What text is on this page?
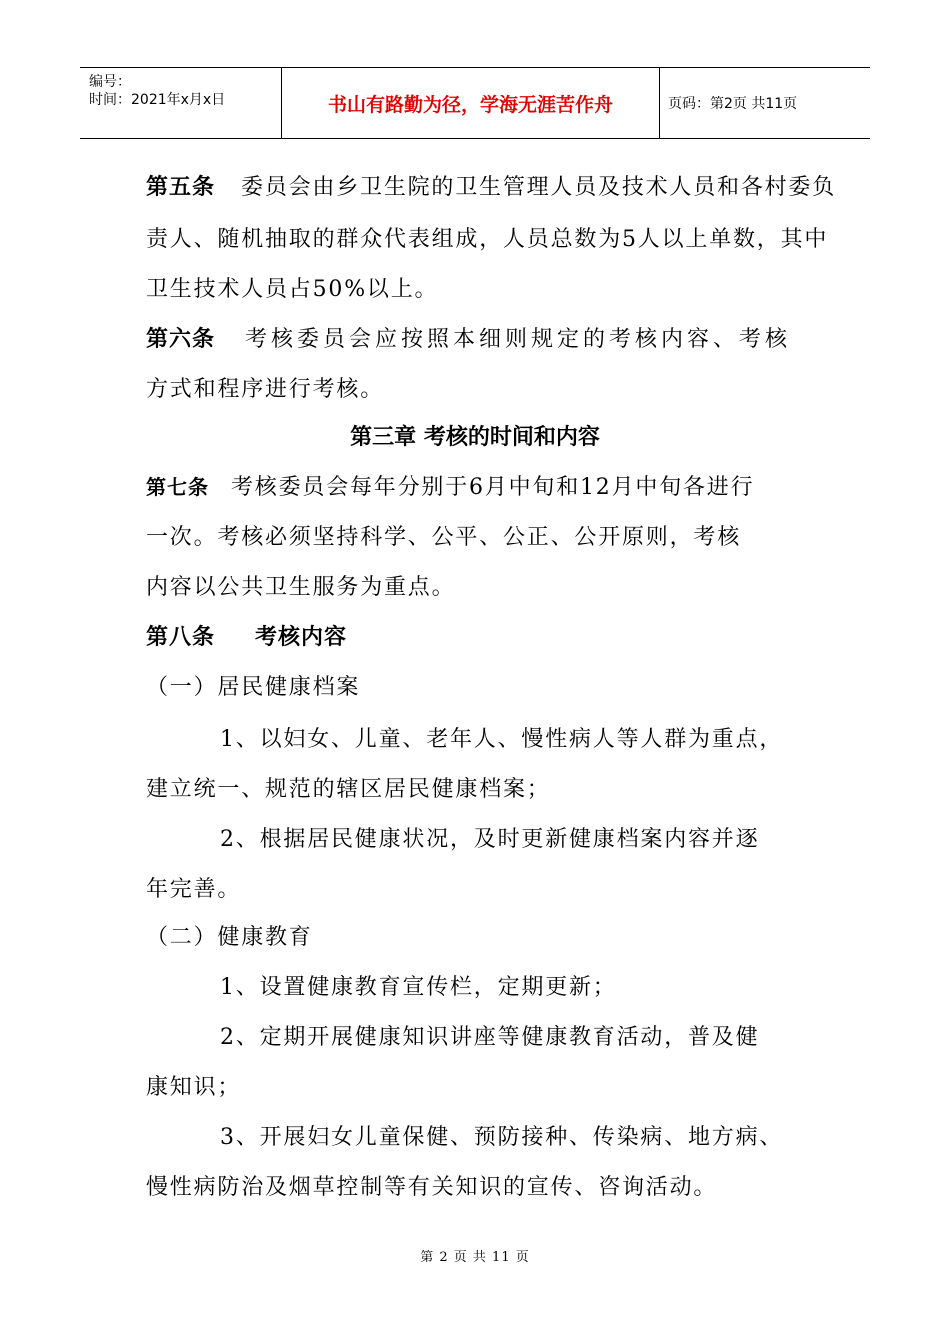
编号：
时间：2021年x月x日	书山有路勤为径，学海无涯苦作舟	页码：第2页 共11页
第五条 委员会由乡卫生院的卫生管理人员及技术人员和各村委负
责人、随机抽取的群众代表组成，人员总数为5人以上单数，其中
卫生技术人员占50%以上。
第六条 考核委员会应按照本细则规定的考核内容、考核
方式和程序进行考核。
第三章 考核的时间和内容
第七条 考核委员会每年分别于6月中旬和12月中旬各进行
一次。考核必须坚持科学、公平、公正、公开原则，考核
内容以公共卫生服务为重点。
第八条 考核内容
（一）居民健康档案
1、以妇女、儿童、老年人、慢性病人等人群为重点，
建立统一、规范的辖区居民健康档案；
2、根据居民健康状况，及时更新健康档案内容并逐
年完善。
（二）健康教育
1、设置健康教育宣传栏，定期更新；
2、定期开展健康知识讲座等健康教育活动，普及健
康知识；
3、开展妇女儿童保健、预防接种、传染病、地方病、
慢性病防治及烟草控制等有关知识的宣传、咨询活动。
第 2 页 共 11 页
